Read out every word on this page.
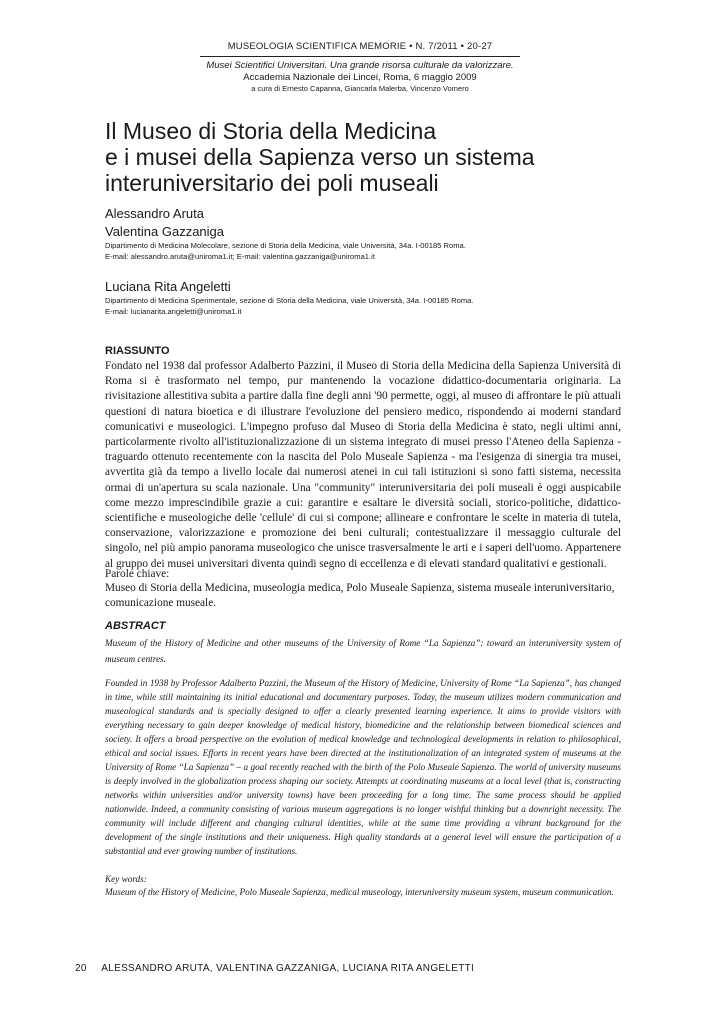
MUSEOLOGIA SCIENTIFICA MEMORIE • N. 7/2011 • 20-27
Musei Scientifici Universitari. Una grande risorsa culturale da valorizzare.
Accademia Nazionale dei Lincei, Roma, 6 maggio 2009
a cura di Ernesto Capanna, Giancarla Malerba, Vincenzo Vomero
Il Museo di Storia della Medicina
e i musei della Sapienza verso un sistema
interuniversitario dei poli museali
Alessandro Aruta
Valentina Gazzaniga
Dipartimento di Medicina Molecolare, sezione di Storia della Medicina, viale Università, 34a. I-00185 Roma.
E-mail: alessandro.aruta@uniroma1.it; E-mail: valentina.gazzaniga@uniroma1.it
Luciana Rita Angeletti
Dipartimento di Medicina Sperimentale, sezione di Storia della Medicina, viale Università, 34a. I-00185 Roma.
E-mail: lucianarita.angeletti@uniroma1.it
RIASSUNTO

Fondato nel 1938 dal professor Adalberto Pazzini, il Museo di Storia della Medicina della Sapienza Università di Roma si è trasformato nel tempo, pur mantenendo la vocazione didattico-documentaria originaria. La rivisitazione allestitiva subita a partire dalla fine degli anni '90 permette, oggi, al museo di affrontare le più attuali questioni di natura bioetica e di illustrare l'evoluzione del pensiero medico, rispondendo ai moderni standard comunicativi e museologici. L'impegno profuso dal Museo di Storia della Medicina è stato, negli ultimi anni, particolarmente rivolto all'istituzionalizzazione di un sistema integrato di musei presso l'Ateneo della Sapienza - traguardo ottenuto recentemente con la nascita del Polo Museale Sapienza - ma l'esigenza di sinergia tra musei, avvertita già da tempo a livello locale dai numerosi atenei in cui tali istituzioni si sono fatti sistema, necessita ormai di un'apertura su scala nazionale. Una "community" interuniversitaria dei poli museali è oggi auspicabile come mezzo imprescindibile grazie a cui: garantire e esaltare le diversità sociali, storico-politiche, didattico-scientifiche e museologiche delle 'cellule' di cui si compone; allineare e confrontare le scelte in materia di tutela, conservazione, valorizzazione e promozione dei beni culturali; contestualizzare il messaggio culturale del singolo, nel più ampio panorama museologico che unisce trasversalmente le arti e i saperi dell'uomo. Appartenere al gruppo dei musei universitari diventa quindi segno di eccellenza e di elevati standard qualitativi e gestionali.

Parole chiave:
Museo di Storia della Medicina, museologia medica, Polo Museale Sapienza, sistema museale interuniversitario, comunicazione museale.
ABSTRACT
Museum of the History of Medicine and other museums of the University of Rome “La Sapienza”: toward an interuniversity system of museum centres.

Founded in 1938 by Professor Adalberto Pazzini, the Museum of the History of Medicine, University of Rome “La Sapienza”, has changed in time, while still maintaining its initial educational and documentary purposes. Today, the museum utilizes modern communication and museological standards and is specially designed to offer a clearly presented learning experience. It aims to provide visitors with everything necessary to gain deeper knowledge of medical history, biomedicine and the relationship between biomedical sciences and society. It offers a broad perspective on the evolution of medical knowledge and technological developments in relation to philosophical, ethical and social issues. Efforts in recent years have been directed at the institutionalization of an integrated system of museums at the University of Rome “La Sapienza” – a goal recently reached with the birth of the Polo Museale Sapienza. The world of university museums is deeply involved in the globalization process shaping our society. Attempts at coordinating museums at a local level (that is, constructing networks within universities and/or university towns) have been proceeding for a long time. The same process should be applied nationwide. Indeed, a community consisting of various museum aggregations is no longer wishful thinking but a downright necessity. The community will include different and changing cultural identities, while at the same time providing a vibrant background for the development of the single institutions and their uniqueness. High quality standards at a general level will ensure the participation of a substantial and ever growing number of institutions.

Key words:
Museum of the History of Medicine, Polo Museale Sapienza, medical museology, interuniversity museum system, museum communication.
20 ALESSANDRO ARUTA, VALENTINA GAZZANIGA, LUCIANA RITA ANGELETTI
